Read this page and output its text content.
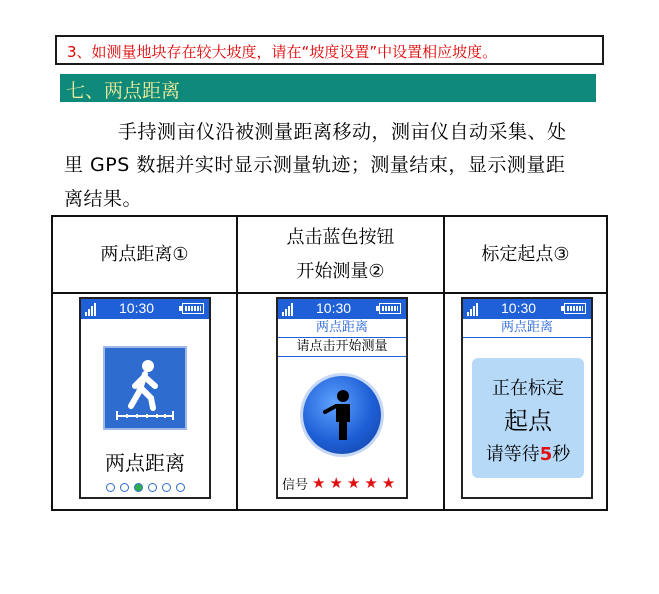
3、如测量地块存在较大坡度，请在“坡度设置”中设置相应坡度。
七、两点距离
手持测亩仪沿被测量距离移动，测亩仪自动采集、处
里 GPS 数据并实时显示测量轨迹；测量结束，显示测量距
离结果。
两点距离①
点击蓝色按钮
开始测量②
标定起点③
10:30
两点距离
10:30
两点距离
请点击开始测量
信号 ★ ★ ★ ★ ★
10:30
两点距离
正在标定
起点
请等待5秒
